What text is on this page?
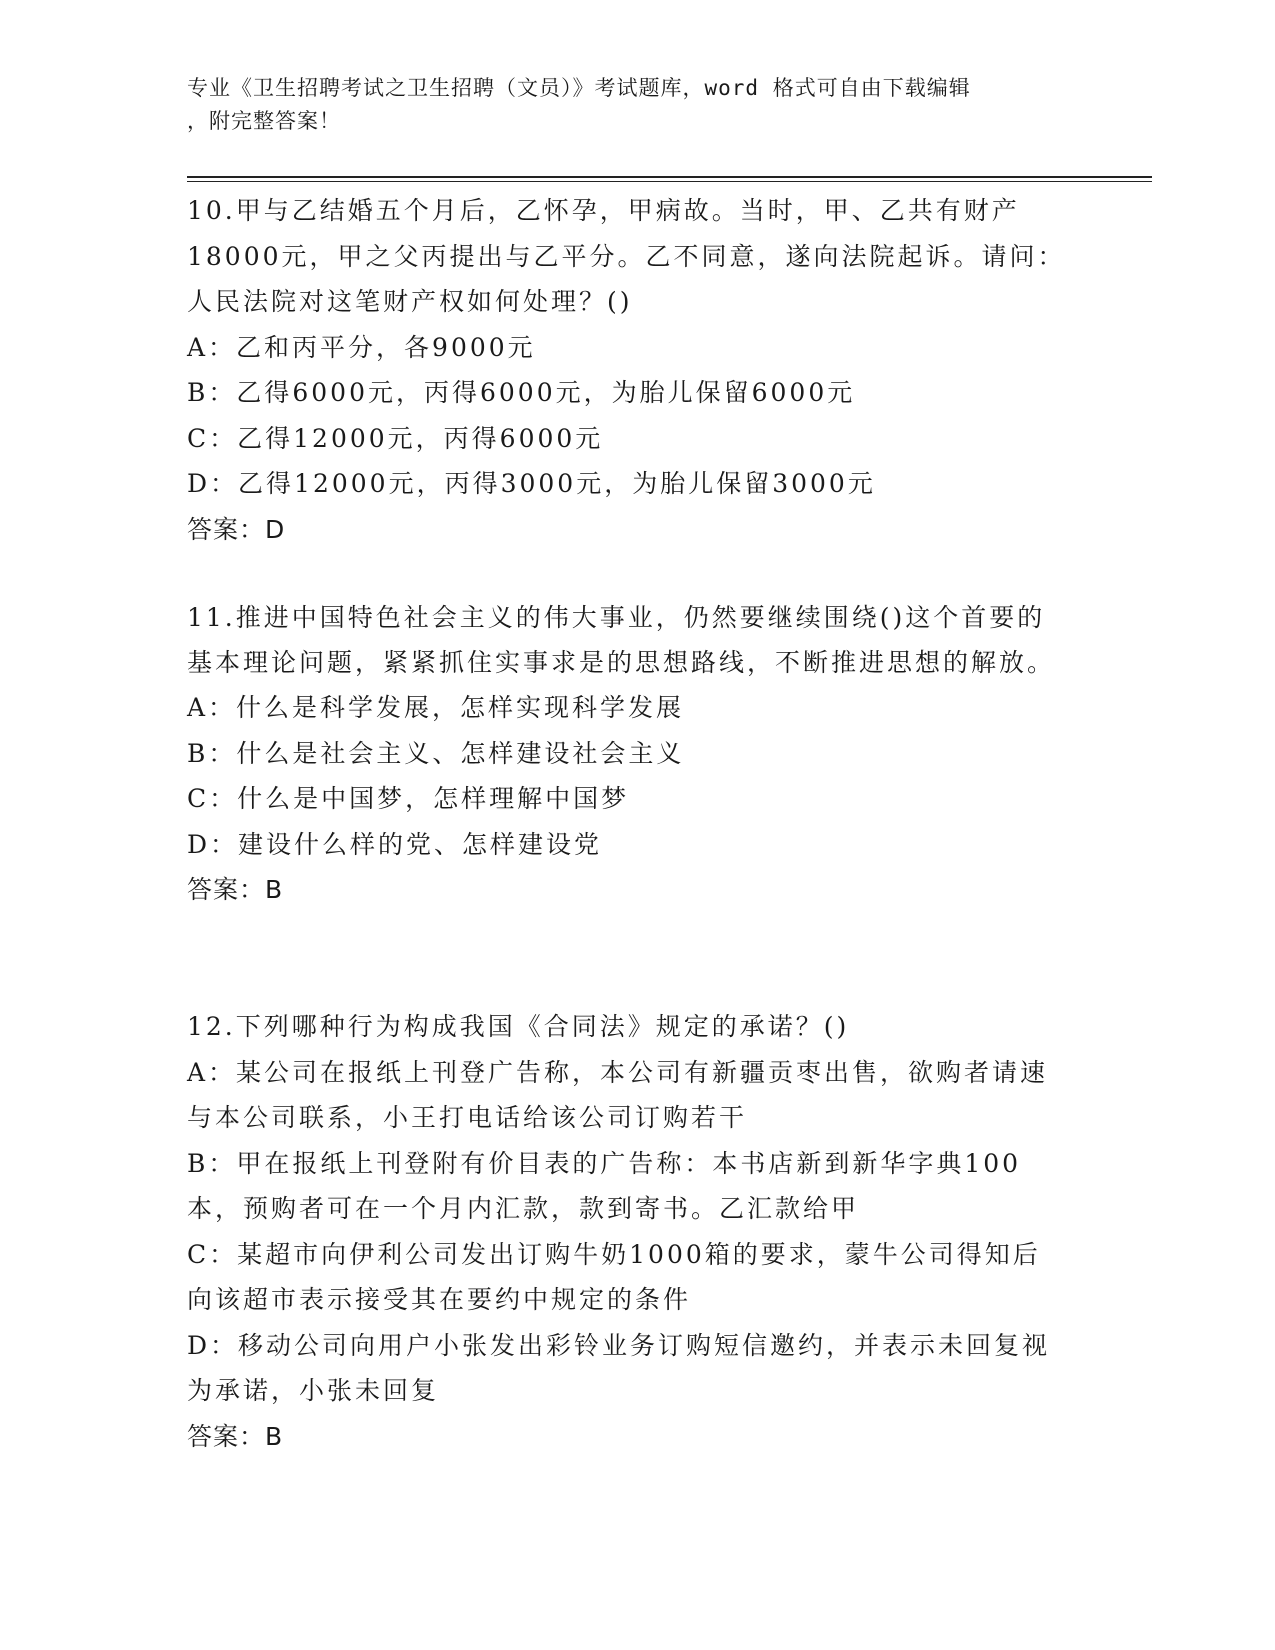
专业《卫生招聘考试之卫生招聘（文员）》考试题库，word 格式可自由下载编辑
，附完整答案！

10.甲与乙结婚五个月后，乙怀孕，甲病故。当时，甲、乙共有财产18000元，甲之父丙提出与乙平分。乙不同意，遂向法院起诉。请问：人民法院对这笔财产权如何处理？()

A：乙和丙平分，各9000元

B：乙得6000元，丙得6000元，为胎儿保留6000元

C：乙得12000元，丙得6000元

D：乙得12000元，丙得3000元，为胎儿保留3000元

答案：D

11.推进中国特色社会主义的伟大事业，仍然要继续围绕()这个首要的基本理论问题，紧紧抓住实事求是的思想路线，不断推进思想的解放。

A：什么是科学发展，怎样实现科学发展

B：什么是社会主义、怎样建设社会主义

C：什么是中国梦，怎样理解中国梦

D：建设什么样的党、怎样建设党

答案：B

12.下列哪种行为构成我国《合同法》规定的承诺？()

A：某公司在报纸上刊登广告称，本公司有新疆贡枣出售，欲购者请速与本公司联系，小王打电话给该公司订购若干

B：甲在报纸上刊登附有价目表的广告称：本书店新到新华字典100本，预购者可在一个月内汇款，款到寄书。乙汇款给甲

C：某超市向伊利公司发出订购牛奶1000箱的要求，蒙牛公司得知后向该超市表示接受其在要约中规定的条件

D：移动公司向用户小张发出彩铃业务订购短信邀约，并表示未回复视为承诺，小张未回复

答案：B
